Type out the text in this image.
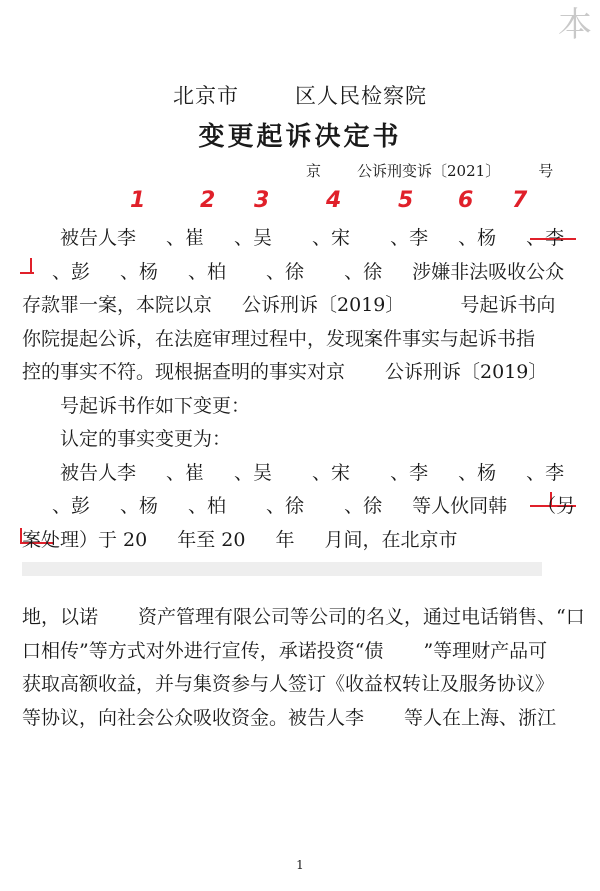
本
北京市	区人民检察院
变更起诉决定书
京 公诉刑变诉〔2021〕	号
1 2 3	4	5 6 7
被告人李 、崔 、吴 、宋 、李 、杨 、李
、彭 、杨 、柏 、徐 、徐 涉嫌非法吸收公众
存款罪一案，本院以京 公诉刑诉〔2019〕	号起诉书向
你院提起公诉，在法庭审理过程中，发现案件事实与起诉书指
控的事实不符。现根据查明的事实对京 公诉刑诉〔2019〕
号起诉书作如下变更：
认定的事实变更为：
被告人李 、崔 、吴 、宋 、李 、杨 、李
、彭 、杨 、柏 、徐 、徐 等人伙同韩 （另
案处理）于 20 年至 20 年 月间，在北京市
地，以诺 资产管理有限公司等公司的名义，通过电话销售、“口
口相传”等方式对外进行宣传，承诺投资“债 ”等理财产品可
获取高额收益，并与集资参与人签订《收益权转让及服务协议》
等协议，向社会公众吸收资金。被告人李 等人在上海、浙江
1
